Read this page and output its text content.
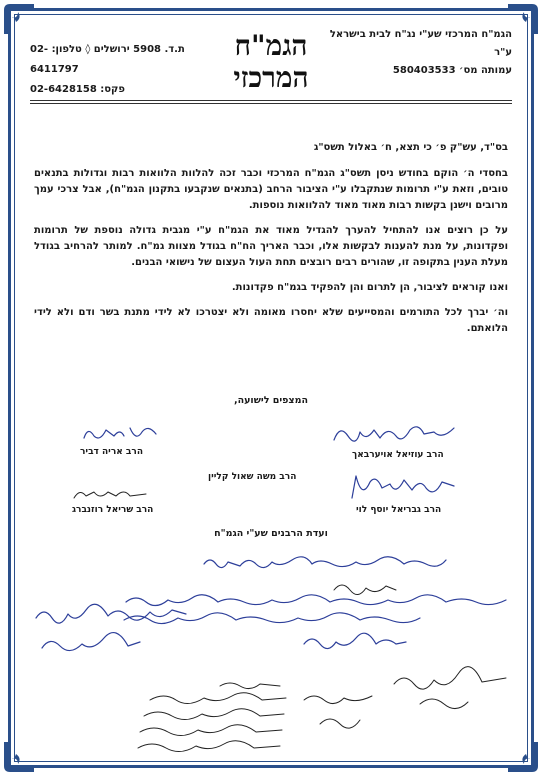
הגמ"ח המרכזי שע"י נג"ח לבית בישראל ע"ר
עמותה מס׳ 580403533
הגמ"ח
המרכזי
ת.ד. 5908 ירושלים ◊ טלפון: 02-6411797
פקס: 02-6428158

בס"ד, עש"ק פ׳ כי תצא, ח׳ באלול תשס"ג

בחסדי ה׳ הוקם בחודש ניסן תשס"ג הגמ"ח המרכזי וכבר זכה להלוות הלוואות רבות וגדולות בתנאים טובים, וזאת ע"י תרומות שנתקבלו ע"י הציבור הרחב (בתנאים שנקבעו בתקנון הגמ"ח), אבל צרכי עמך מרובים וישנן בקשות רבות מאוד מאוד להלוואות נוספות.

על כן רוצים אנו להתחיל להערך להגדיל מאוד את הגמ"ח ע"י מגבית גדולה נוספת של תרומות ופקדונות, על מנת להענות לבקשות אלו, וכבר האריך הח"ח בגודל מצוות גמ"ח. למותר להרחיב בגודל מעלת הענין בתקופה זו, שהורים רבים רובצים תחת העול העצום של נישואי הבנים.

ואנו קוראים לציבור, הן לתרום והן להפקיד בגמ"ח פקדונות.

וה׳ יברך לכל התורמים והמסייעים שלא יחסרו מאומה ולא יצטרכו לא לידי מתנת בשר ודם ולא לידי הלואתם.

המצפים לישועה,
הרב עוזיאל אויערבאך
הרב אריה דביר
הרב משה שאול קליין
הרב גבריאל יוסף לוי
הרב שריאל רוזנברג
ועדת הרבנים שע"י הגמ"ח
